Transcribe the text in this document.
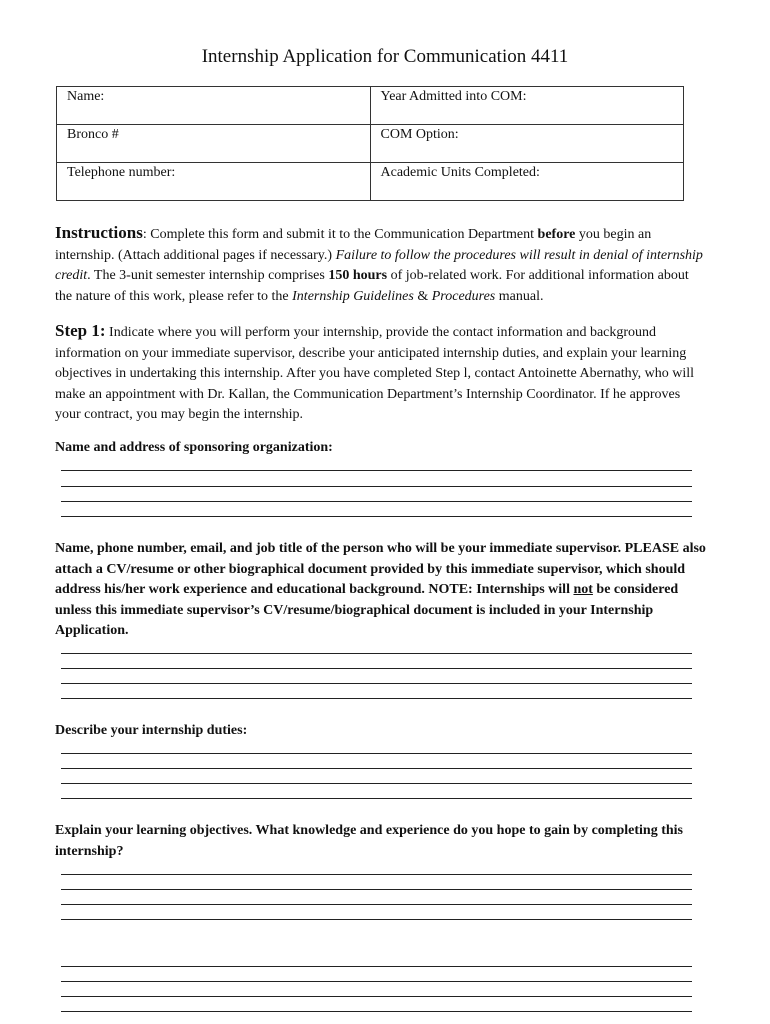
Internship Application for Communication 4411
Name:	Year Admitted into COM:
Bronco #	COM Option:
Telephone number:	Academic Units Completed:
Instructions: Complete this form and submit it to the Communication Department before you begin an internship. (Attach additional pages if necessary.) Failure to follow the procedures will result in denial of internship credit. The 3-unit semester internship comprises 150 hours of job-related work. For additional information about the nature of this work, please refer to the Internship Guidelines & Procedures manual.
Step 1: Indicate where you will perform your internship, provide the contact information and background information on your immediate supervisor, describe your anticipated internship duties, and explain your learning objectives in undertaking this internship. After you have completed Step l, contact Antoinette Abernathy, who will make an appointment with Dr. Kallan, the Communication Department’s Internship Coordinator. If he approves your contract, you may begin the internship.
Name and address of sponsoring organization:
Name, phone number, email, and job title of the person who will be your immediate supervisor. PLEASE also attach a CV/resume or other biographical document provided by this immediate supervisor, which should address his/her work experience and educational background. NOTE: Internships will not be considered unless this immediate supervisor’s CV/resume/biographical document is included in your Internship Application.
Describe your internship duties:
Explain your learning objectives. What knowledge and experience do you hope to gain by completing this internship?
